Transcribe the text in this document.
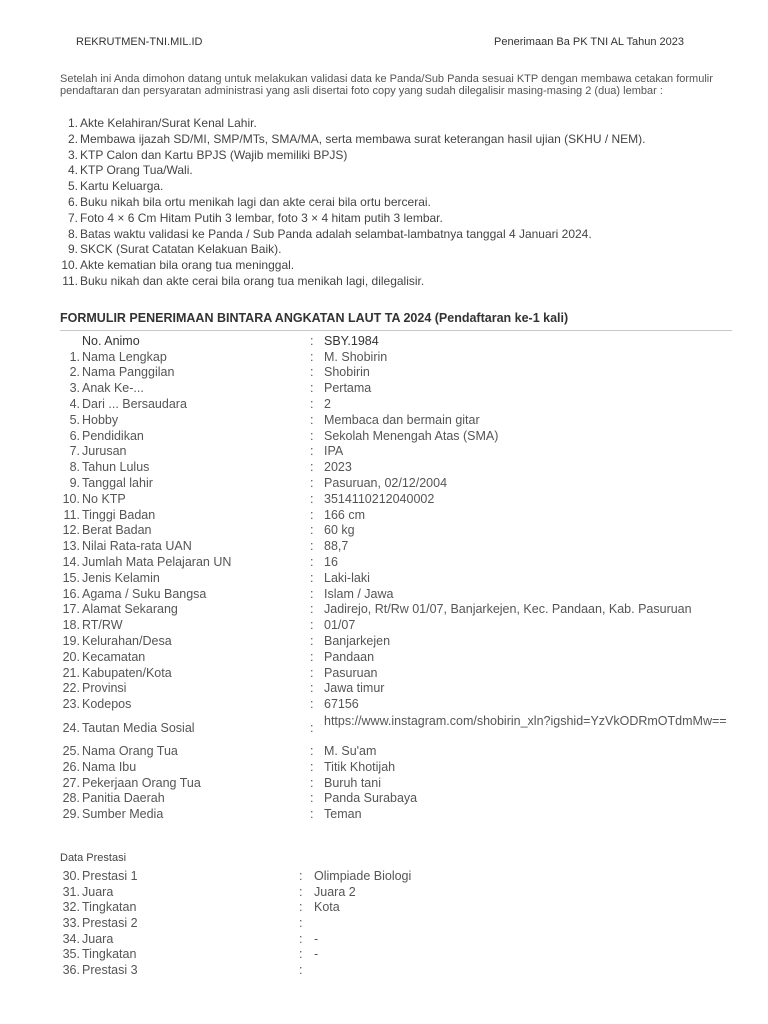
REKRUTMEN-TNI.MIL.ID	Penerimaan Ba PK TNI AL Tahun 2023
Setelah ini Anda dimohon datang untuk melakukan validasi data ke Panda/Sub Panda sesuai KTP dengan membawa cetakan formulir pendaftaran dan persyaratan administrasi yang asli disertai foto copy yang sudah dilegalisir masing-masing 2 (dua) lembar :
1. Akte Kelahiran/Surat Kenal Lahir.
2. Membawa ijazah SD/MI, SMP/MTs, SMA/MA, serta membawa surat keterangan hasil ujian (SKHU / NEM).
3. KTP Calon dan Kartu BPJS (Wajib memiliki BPJS)
4. KTP Orang Tua/Wali.
5. Kartu Keluarga.
6. Buku nikah bila ortu menikah lagi dan akte cerai bila ortu bercerai.
7. Foto 4 × 6 Cm Hitam Putih 3 lembar, foto 3 × 4 hitam putih 3 lembar.
8. Batas waktu validasi ke Panda / Sub Panda adalah selambat-lambatnya tanggal 4 Januari 2024.
9. SKCK (Surat Catatan Kelakuan Baik).
10. Akte kematian bila orang tua meninggal.
11. Buku nikah dan akte cerai bila orang tua menikah lagi, dilegalisir.
FORMULIR PENERIMAAN BINTARA ANGKATAN LAUT TA 2024 (Pendaftaran ke-1 kali)
No. Animo	: SBY.1984
1. Nama Lengkap	: M. Shobirin
2. Nama Panggilan	: Shobirin
3. Anak Ke-...	: Pertama
4. Dari ... Bersaudara	: 2
5. Hobby	: Membaca dan bermain gitar
6. Pendidikan	: Sekolah Menengah Atas (SMA)
7. Jurusan	: IPA
8. Tahun Lulus	: 2023
9. Tanggal lahir	: Pasuruan, 02/12/2004
10. No KTP	: 3514110212040002
11. Tinggi Badan	: 166 cm
12. Berat Badan	: 60 kg
13. Nilai Rata-rata UAN	: 88,7
14. Jumlah Mata Pelajaran UN	: 16
15. Jenis Kelamin	: Laki-laki
16. Agama / Suku Bangsa	: Islam / Jawa
17. Alamat Sekarang	: Jadirejo, Rt/Rw 01/07, Banjarkejen, Kec. Pandaan, Kab. Pasuruan
18. RT/RW	: 01/07
19. Kelurahan/Desa	: Banjarkejen
20. Kecamatan	: Pandaan
21. Kabupaten/Kota	: Pasuruan
22. Provinsi	: Jawa timur
23. Kodepos	: 67156
24. Tautan Media Sosial	: https://www.instagram.com/shobirin_xln?igshid=YzVkODRmOTdmMw==
25. Nama Orang Tua	: M. Su'am
26. Nama Ibu	: Titik Khotijah
27. Pekerjaan Orang Tua	: Buruh tani
28. Panitia Daerah	: Panda Surabaya
29. Sumber Media	: Teman
Data Prestasi
30. Prestasi 1	: Olimpiade Biologi
31. Juara	: Juara 2
32. Tingkatan	: Kota
33. Prestasi 2	:
34. Juara	: -
35. Tingkatan	: -
36. Prestasi 3	:
